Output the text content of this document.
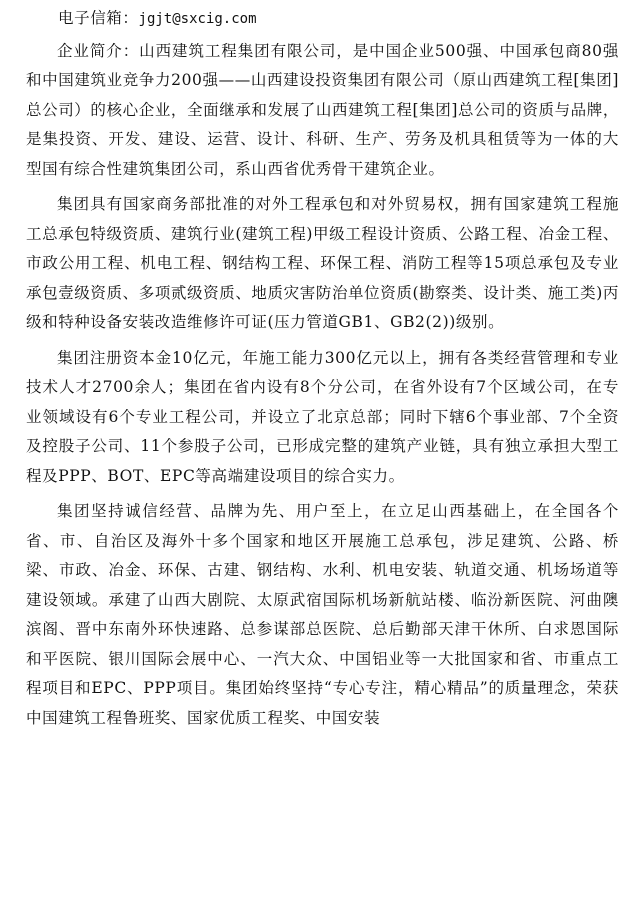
电子信箱：jgjt@sxcig.com

企业简介：山西建筑工程集团有限公司，是中国企业500强、中国承包商80强和中国建筑业竞争力200强——山西建设投资集团有限公司（原山西建筑工程[集团]总公司）的核心企业，全面继承和发展了山西建筑工程[集团]总公司的资质与品牌，是集投资、开发、建设、运营、设计、科研、生产、劳务及机具租赁等为一体的大型国有综合性建筑集团公司，系山西省优秀骨干建筑企业。

集团具有国家商务部批准的对外工程承包和对外贸易权，拥有国家建筑工程施工总承包特级资质、建筑行业(建筑工程)甲级工程设计资质、公路工程、冶金工程、市政公用工程、机电工程、钢结构工程、环保工程、消防工程等15项总承包及专业承包壹级资质、多项贰级资质、地质灾害防治单位资质(勘察类、设计类、施工类)丙级和特种设备安装改造维修许可证(压力管道GB1、GB2(2))级别。

集团注册资本金10亿元，年施工能力300亿元以上，拥有各类经营管理和专业技术人才2700余人；集团在省内设有8个分公司，在省外设有7个区域公司，在专业领域设有6个专业工程公司，并设立了北京总部；同时下辖6个事业部、7个全资及控股子公司、11个参股子公司，已形成完整的建筑产业链，具有独立承担大型工程及PPP、BOT、EPC等高端建设项目的综合实力。

集团坚持诚信经营、品牌为先、用户至上，在立足山西基础上，在全国各个省、市、自治区及海外十多个国家和地区开展施工总承包，涉足建筑、公路、桥梁、市政、冶金、环保、古建、钢结构、水利、机电安装、轨道交通、机场场道等建设领域。承建了山西大剧院、太原武宿国际机场新航站楼、临汾新医院、河曲隩滨阁、晋中东南外环快速路、总参谋部总医院、总后勤部天津干休所、白求恩国际和平医院、银川国际会展中心、一汽大众、中国铝业等一大批国家和省、市重点工程项目和EPC、PPP项目。集团始终坚持“专心专注，精心精品”的质量理念，荣获中国建筑工程鲁班奖、国家优质工程奖、中国安装
